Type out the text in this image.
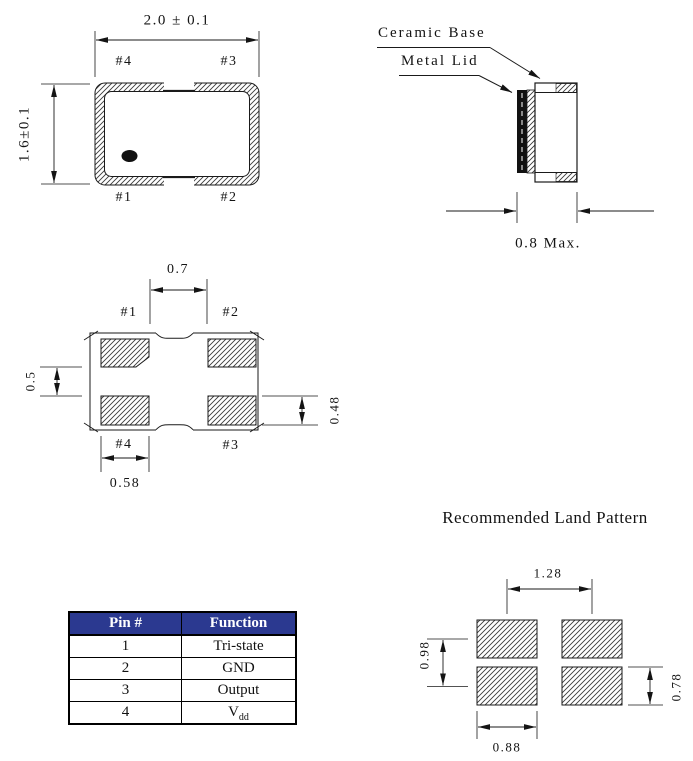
2.0 ± 0.1
1.6±0.1
#4	#3
#1	#2
Ceramic Base
Metal Lid
0.8 Max.
#1	#2
#4	#3
0.7
0.5
0.48
0.58
Recommended Land Pattern
1.28
0.98
0.88
0.78
Pin #	Function
1	Tri-state
2	GND
3	Output
4	$V_{dd}$
